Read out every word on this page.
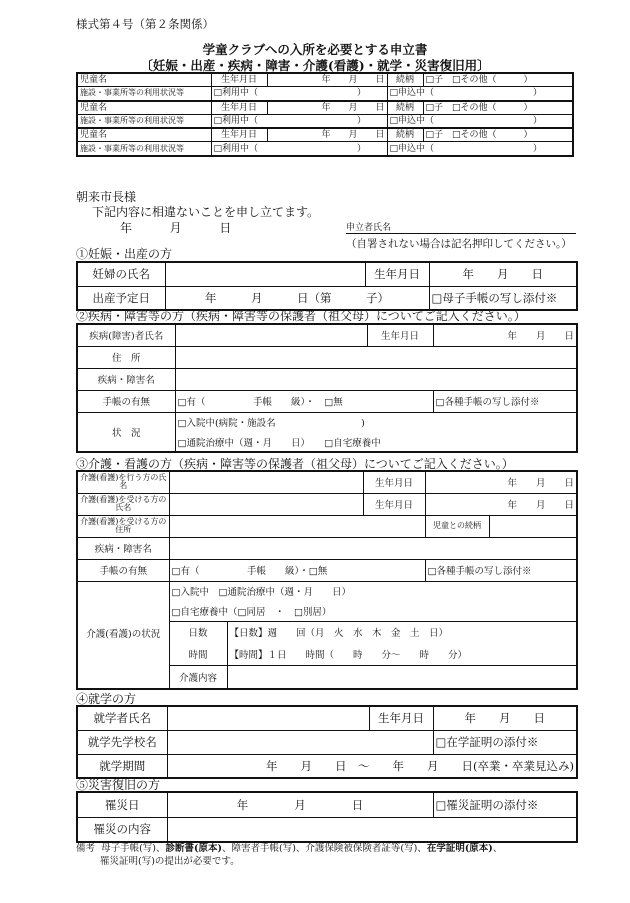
様式第４号（第２条関係）
学童クラブへの入所を必要とする申立書
〔妊娠・出産・疾病・障害・介護(看護)・就学・災害復旧用〕
児童名	生年月日	年　　月　　日	続柄	□子　□その他（　　　）
施設・事業所等の利用状況等	□利用中（　　　　　　　　　　　）		□申込中（　　　　　　　　　　　）	
児童名	生年月日	年　　月　　日	続柄	□子　□その他（　　　）
施設・事業所等の利用状況等	□利用中（　　　　　　　　　　　）		□申込中（　　　　　　　　　　　）	
児童名	生年月日	年　　月　　日	続柄	□子　□その他（　　　）
施設・事業所等の利用状況等	□利用中（　　　　　　　　　　　）		□申込中（　　　　　　　　　　　）	
朝来市長様
下記内容に相違ないことを申し立てます。
年	月	日	申立者氏名
（自署されない場合は記名押印してください。）
①妊娠・出産の方
妊婦の氏名		生年月日	年　　月　　日
出産予定日	年　　　月　　　日（第　　　子）		□母子手帳の写し添付※
②疾病・障害等の方（疾病・障害等の保護者（祖父母）についてご記入ください。）
疾病(障害)者氏名		生年月日	年　　月　　日
住　所			
疾病・障害名			
手帳の有無	□有（　　　　　手帳　　級）・　□無		□各種手帳の写し添付※
状　況	□入院中(病院・施設名　　　　　　　　　)		
	□通院治療中（週・月　　日）　　□自宅療養中		
③介護・看護の方（疾病・障害等の保護者（祖父母）についてご記入ください。）
介護(看護)を行う方の氏名			生年月日	年　　月　　日	
介護(看護)を受ける方の氏名			生年月日	年　　月　　日	
介護(看護)を受ける方の住所				児童との続柄	
疾病・障害名					
手帳の有無	□有（　　　　　手帳　　級）・□無			□各種手帳の写し添付※	
介護(看護)の状況	□入院中　□通院治療中（週・月　　日）				
	□自宅療養中（□同居　・　□別居）				
	日数	【日数】週　　回（月　火　水　木　金　土　日）			
	時間	【時間】１日　　時間（　　時　　分〜　　時　　分）			
	介護内容				
④就学の方
就学者氏名		生年月日	年　　月　　日
就学先学校名			□在学証明の添付※
就学期間	年　　月　　日　〜　　年　　月　　日(卒業・卒業見込み)		
⑤災害復旧の方
罹災日	年　　　　月　　　　日	□罹災証明の添付※
罹災の内容		
備考 母子手帳(写)、診断書(原本)、障害者手帳(写)、介護保険被保険者証等(写)、在学証明(原本)、
罹災証明(写)の提出が必要です。
